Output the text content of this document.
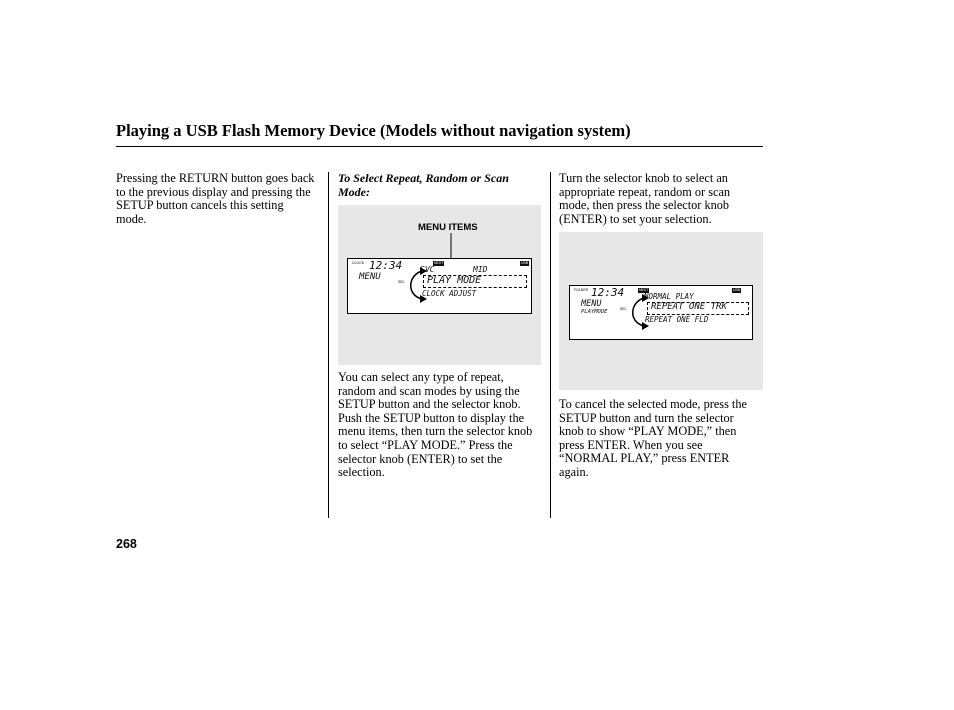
Playing a USB Flash Memory Device (Models without navigation system)
Pressing the RETURN button goes back to the previous display and pressing the SETUP button cancels this setting mode.
To Select Repeat, Random or Scan Mode:
MENU ITEMS
CLOCK	NEXT	USB
12:34
MENU	SEL
SVC	MID
PLAY MODE
CLOCK ADJUST
You can select any type of repeat, random and scan modes by using the SETUP button and the selector knob. Push the SETUP button to display the menu items, then turn the selector knob to select “PLAY MODE.” Press the selector knob (ENTER) to set the selection.
Turn the selector knob to select an appropriate repeat, random or scan mode, then press the selector knob (ENTER) to set your selection.
FOLDER	NEXT	USB
12:34
MENU
PLAYMODE	SEL
NORMAL PLAY
REPEAT ONE TRK
REPEAT ONE FLD
To cancel the selected mode, press the SETUP button and turn the selector knob to show “PLAY MODE,” then press ENTER. When you see “NORMAL PLAY,” press ENTER again.
268
